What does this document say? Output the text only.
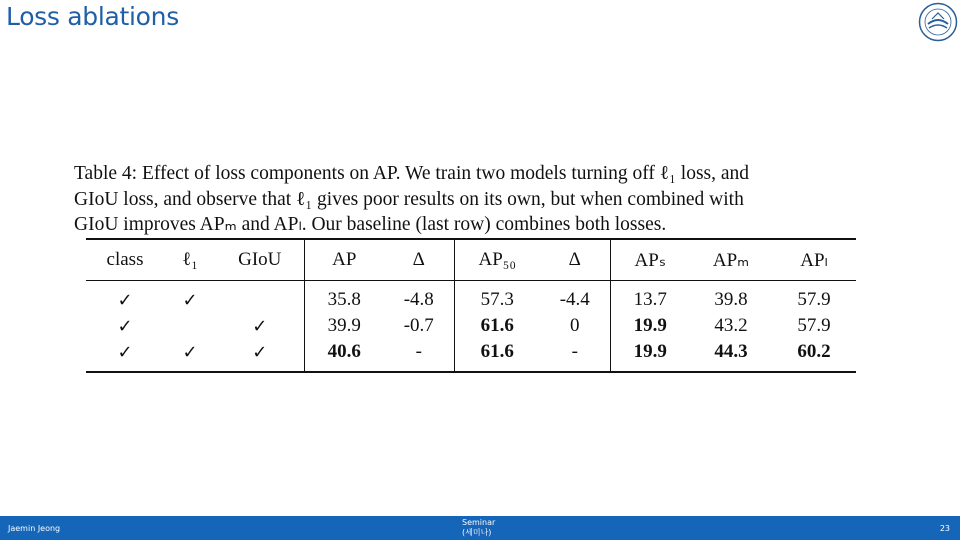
Loss ablations
Table 4: Effect of loss components on AP. We train two models turning off ℓ₁ loss, and
GIoU loss, and observe that ℓ₁ gives poor results on its own, but when combined with
GIoU improves APₘ and APₗ. Our baseline (last row) combines both losses.
class	ℓ₁	GIoU	AP	Δ	AP₅₀	Δ	APₛ	APₘ	APₗ
✓	✓		35.8	-4.8	57.3	-4.4	13.7	39.8	57.9
✓		✓	39.9	-0.7	61.6	0	19.9	43.2	57.9
✓	✓	✓	40.6	-	61.6	-	19.9	44.3	60.2
Jaemin Jeong
Seminar
(세미나)	23
